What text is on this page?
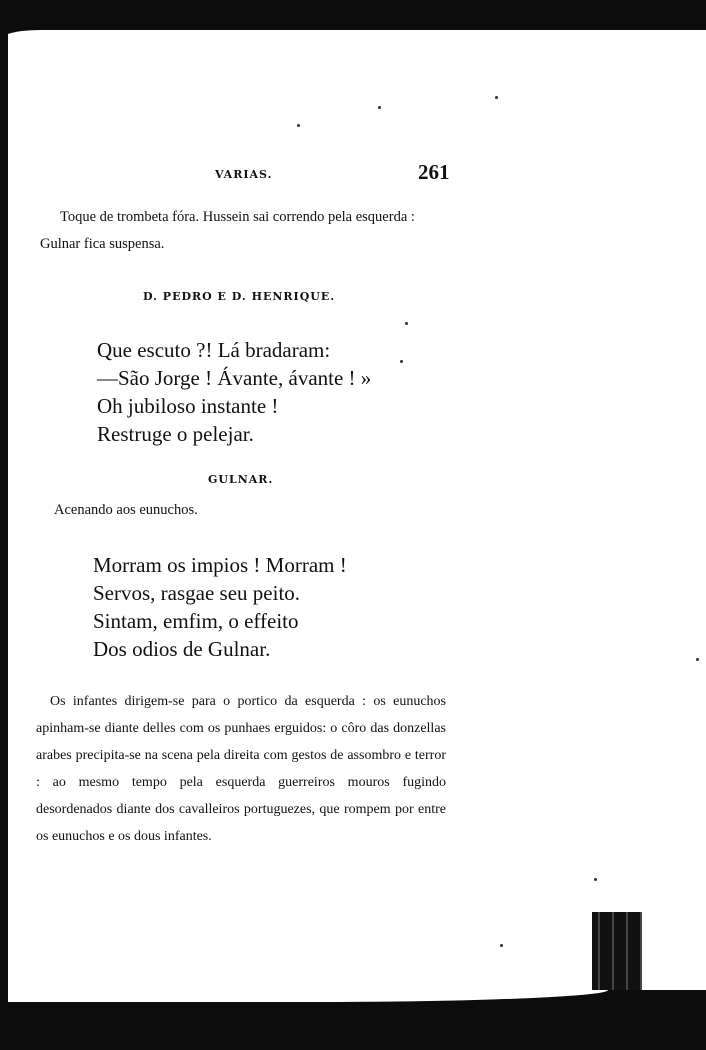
VARIAS.	261
Toque de trombeta fóra. Hussein sai correndo pela esquerda : Gulnar fica suspensa.
D. PEDRO E D. HENRIQUE.
Que escuto ?! Lá bradaram:
—São Jorge ! Ávante, ávante ! »
Oh jubiloso instante !
Restruge o pelejar.
GULNAR.
Acenando aos eunuchos.
Morram os impios ! Morram !
Servos, rasgae seu peito.
Sintam, emfim, o effeito
Dos odios de Gulnar.
Os infantes dirigem-se para o portico da esquerda : os eunuchos apinham-se diante delles com os punhaes erguidos: o côro das donzellas arabes precipita-se na scena pela direita com gestos de assombro e terror : ao mesmo tempo pela esquerda guerreiros mouros fugindo desordenados diante dos cavalleiros portuguezes, que rompem por entre os eunuchos e os dous infantes.
